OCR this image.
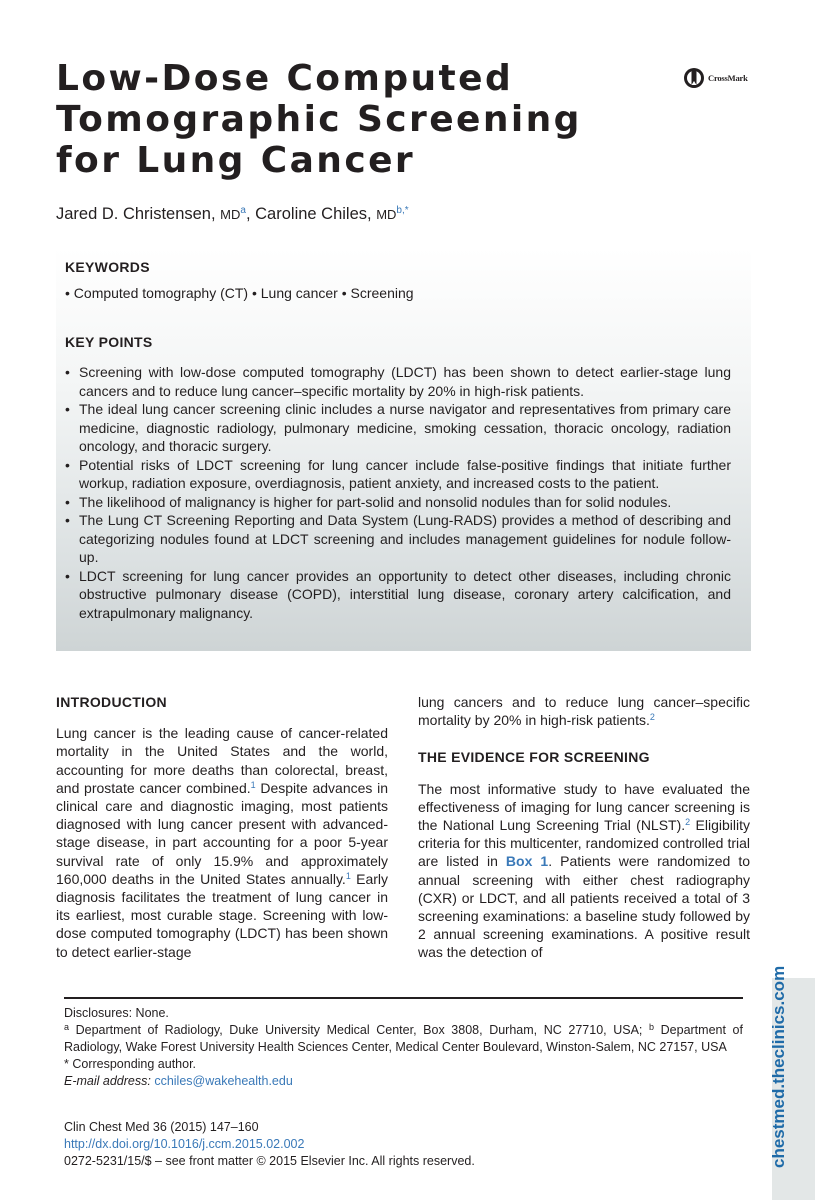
Low-Dose Computed
Tomographic Screening
for Lung Cancer
CrossMark
Jared D. Christensen, $MD^a$, Caroline Chiles, $MD^{b,*}$
KEYWORDS
• Computed tomography (CT) • Lung cancer • Screening
KEY POINTS
• Screening with low-dose computed tomography (LDCT) has been shown to detect earlier-stage lung cancers and to reduce lung cancer–specific mortality by 20% in high-risk patients.
• The ideal lung cancer screening clinic includes a nurse navigator and representatives from primary care medicine, diagnostic radiology, pulmonary medicine, smoking cessation, thoracic oncology, radiation oncology, and thoracic surgery.
• Potential risks of LDCT screening for lung cancer include false-positive findings that initiate further workup, radiation exposure, overdiagnosis, patient anxiety, and increased costs to the patient.
• The likelihood of malignancy is higher for part-solid and nonsolid nodules than for solid nodules.
• The Lung CT Screening Reporting and Data System (Lung-RADS) provides a method of describing and categorizing nodules found at LDCT screening and includes management guidelines for nodule follow-up.
• LDCT screening for lung cancer provides an opportunity to detect other diseases, including chronic obstructive pulmonary disease (COPD), interstitial lung disease, coronary artery calcification, and extrapulmonary malignancy.
INTRODUCTION

Lung cancer is the leading cause of cancer-related mortality in the United States and the world, accounting for more deaths than colorectal, breast, and prostate cancer combined.$^1$ Despite advances in clinical care and diagnostic imaging, most patients diagnosed with lung cancer present with advanced-stage disease, in part accounting for a poor 5-year survival rate of only 15.9% and approximately 160,000 deaths in the United States annually.$^1$ Early diagnosis facilitates the treatment of lung cancer in its earliest, most curable stage. Screening with low-dose computed tomography (LDCT) has been shown to detect earlier-stage

lung cancers and to reduce lung cancer–specific mortality by 20% in high-risk patients.$^2$

THE EVIDENCE FOR SCREENING

The most informative study to have evaluated the effectiveness of imaging for lung cancer screening is the National Lung Screening Trial (NLST).$^2$ Eligibility criteria for this multicenter, randomized controlled trial are listed in Box 1. Patients were randomized to annual screening with either chest radiography (CXR) or LDCT, and all patients received a total of 3 screening examinations: a baseline study followed by 2 annual screening examinations. A positive result was the detection of

Disclosures: None.
$^a$ Department of Radiology, Duke University Medical Center, Box 3808, Durham, NC 27710, USA; $^b$ Department of Radiology, Wake Forest University Health Sciences Center, Medical Center Boulevard, Winston-Salem, NC 27157, USA
* Corresponding author.
E-mail address: cchiles@wakehealth.edu
Clin Chest Med 36 (2015) 147–160
http://dx.doi.org/10.1016/j.ccm.2015.02.002
0272-5231/15/$ – see front matter © 2015 Elsevier Inc. All rights reserved.	chestmed.theclinics.com
